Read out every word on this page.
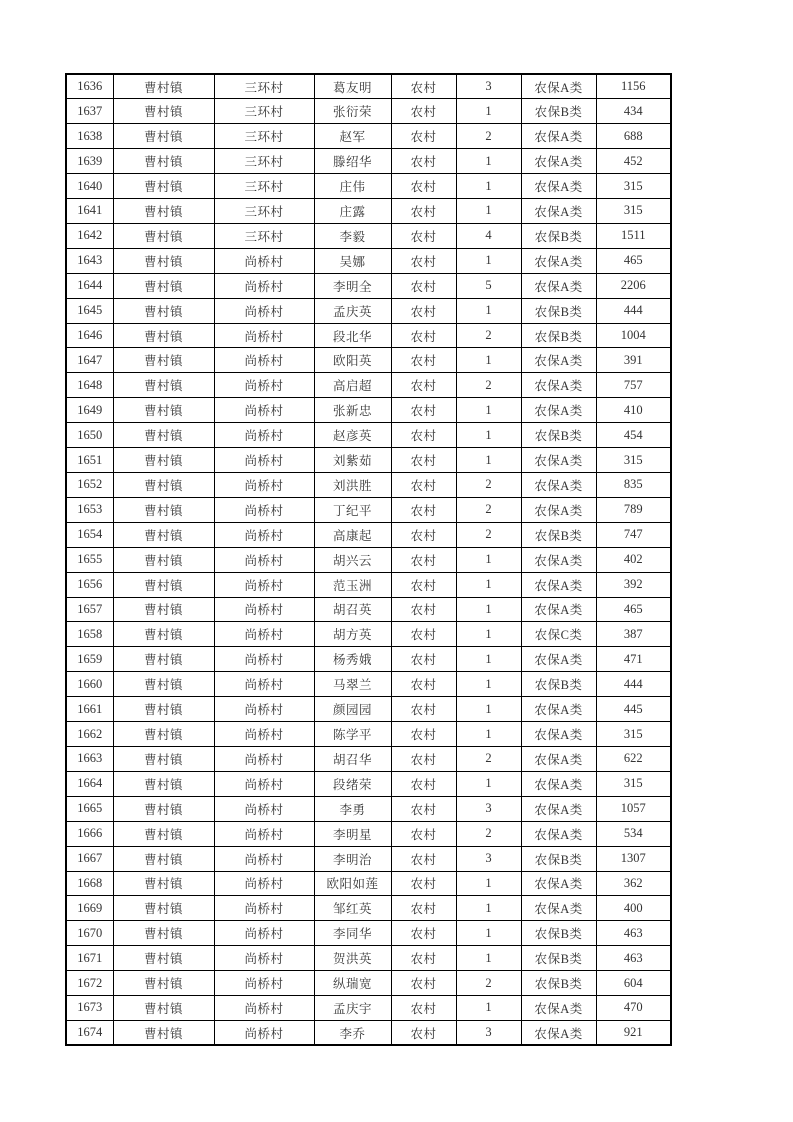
1636	曹村镇	三环村	葛友明	农村	3	农保A类	1156
1637	曹村镇	三环村	张衍荣	农村	1	农保B类	434
1638	曹村镇	三环村	赵军	农村	2	农保A类	688
1639	曹村镇	三环村	滕绍华	农村	1	农保A类	452
1640	曹村镇	三环村	庄伟	农村	1	农保A类	315
1641	曹村镇	三环村	庄露	农村	1	农保A类	315
1642	曹村镇	三环村	李毅	农村	4	农保B类	1511
1643	曹村镇	尚桥村	吴娜	农村	1	农保A类	465
1644	曹村镇	尚桥村	李明全	农村	5	农保A类	2206
1645	曹村镇	尚桥村	孟庆英	农村	1	农保B类	444
1646	曹村镇	尚桥村	段北华	农村	2	农保B类	1004
1647	曹村镇	尚桥村	欧阳英	农村	1	农保A类	391
1648	曹村镇	尚桥村	高启超	农村	2	农保A类	757
1649	曹村镇	尚桥村	张新忠	农村	1	农保A类	410
1650	曹村镇	尚桥村	赵彦英	农村	1	农保B类	454
1651	曹村镇	尚桥村	刘紫茹	农村	1	农保A类	315
1652	曹村镇	尚桥村	刘洪胜	农村	2	农保A类	835
1653	曹村镇	尚桥村	丁纪平	农村	2	农保A类	789
1654	曹村镇	尚桥村	高康起	农村	2	农保B类	747
1655	曹村镇	尚桥村	胡兴云	农村	1	农保A类	402
1656	曹村镇	尚桥村	范玉洲	农村	1	农保A类	392
1657	曹村镇	尚桥村	胡召英	农村	1	农保A类	465
1658	曹村镇	尚桥村	胡方英	农村	1	农保C类	387
1659	曹村镇	尚桥村	杨秀娥	农村	1	农保A类	471
1660	曹村镇	尚桥村	马翠兰	农村	1	农保B类	444
1661	曹村镇	尚桥村	颜园园	农村	1	农保A类	445
1662	曹村镇	尚桥村	陈学平	农村	1	农保A类	315
1663	曹村镇	尚桥村	胡召华	农村	2	农保A类	622
1664	曹村镇	尚桥村	段绪荣	农村	1	农保A类	315
1665	曹村镇	尚桥村	李勇	农村	3	农保A类	1057
1666	曹村镇	尚桥村	李明星	农村	2	农保A类	534
1667	曹村镇	尚桥村	李明治	农村	3	农保B类	1307
1668	曹村镇	尚桥村	欧阳如莲	农村	1	农保A类	362
1669	曹村镇	尚桥村	邹红英	农村	1	农保A类	400
1670	曹村镇	尚桥村	李同华	农村	1	农保B类	463
1671	曹村镇	尚桥村	贺洪英	农村	1	农保B类	463
1672	曹村镇	尚桥村	纵瑞宽	农村	2	农保B类	604
1673	曹村镇	尚桥村	孟庆宇	农村	1	农保A类	470
1674	曹村镇	尚桥村	李乔	农村	3	农保A类	921
